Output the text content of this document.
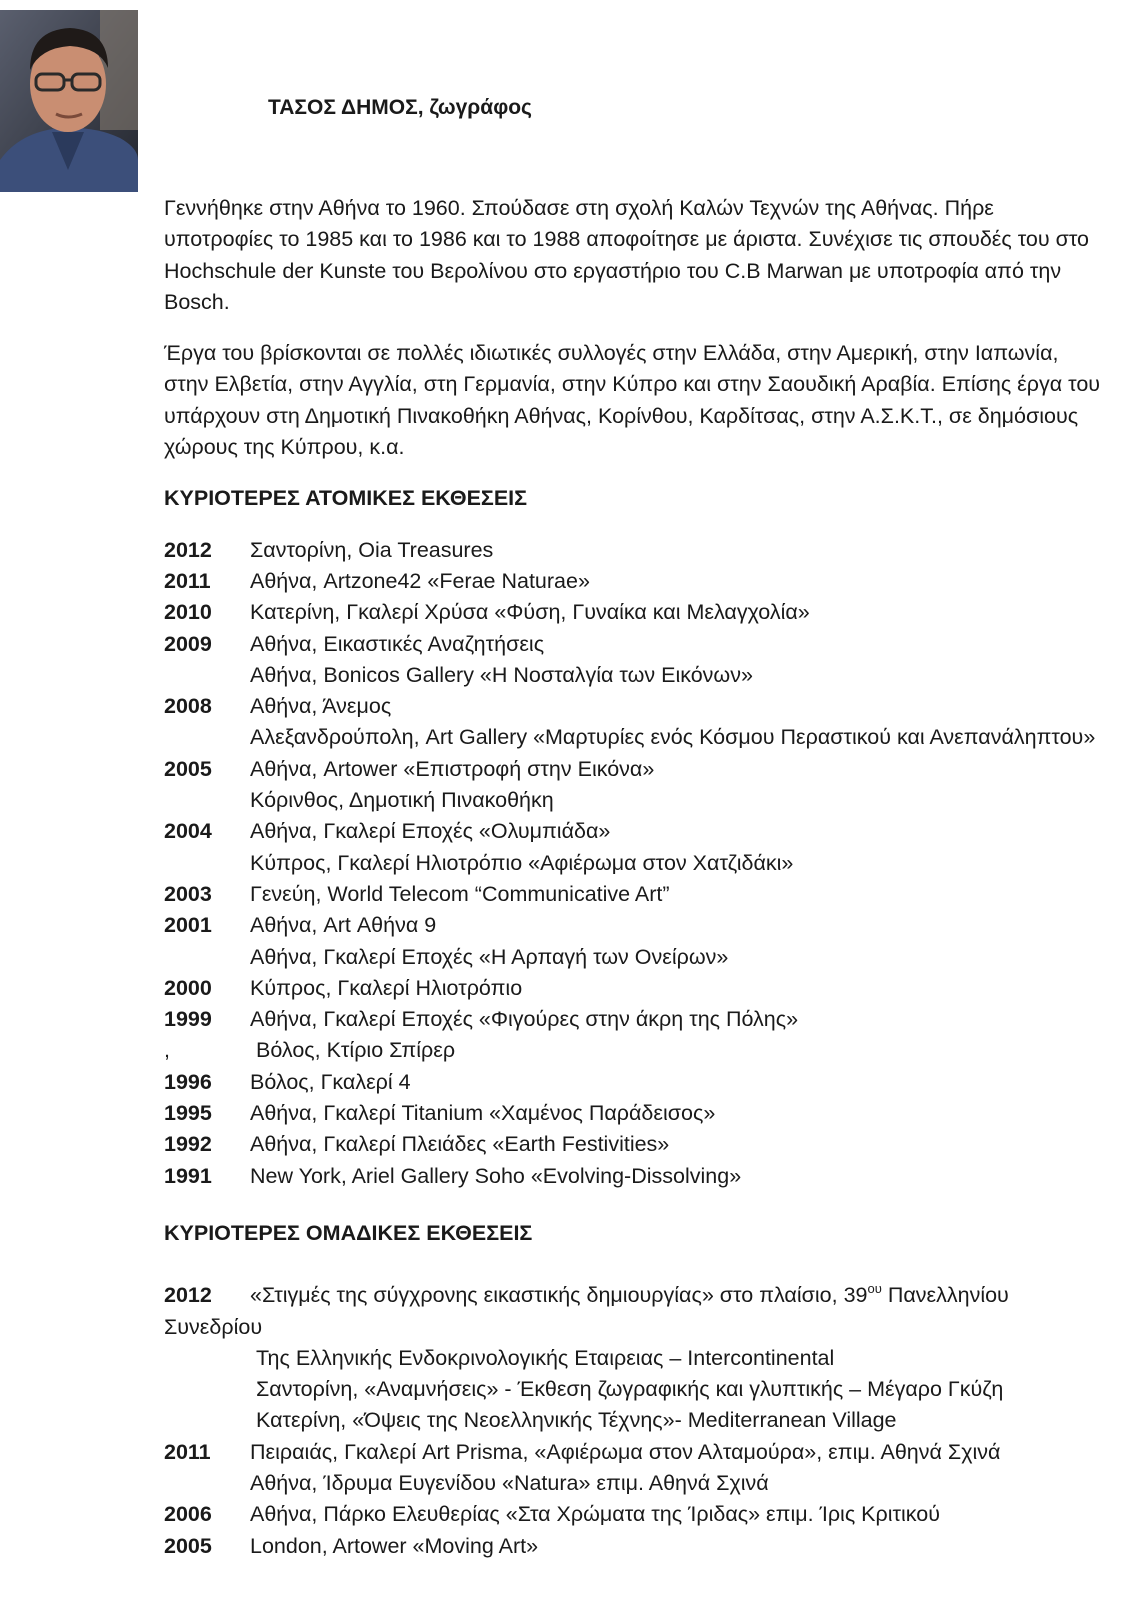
ΤΑΣΟΣ ΔΗΜΟΣ, ζωγράφος

Γεννήθηκε στην Αθήνα το 1960. Σπούδασε στη σχολή Καλών Τεχνών της Αθήνας. Πήρε υποτροφίες το 1985 και το 1986 και το 1988 αποφοίτησε με άριστα. Συνέχισε τις σπουδές του στο Hochschule der Kunste του Βερολίνου στο εργαστήριο του C.B Marwan με υποτροφία από την Bosch.

Έργα του βρίσκονται σε πολλές ιδιωτικές συλλογές στην Ελλάδα, στην Αμερική, στην Ιαπωνία, στην Ελβετία, στην Αγγλία, στη Γερμανία, στην Κύπρο και στην Σαουδική Αραβία. Επίσης έργα του υπάρχουν στη Δημοτική Πινακοθήκη Αθήνας, Κορίνθου, Καρδίτσας, στην Α.Σ.Κ.Τ., σε δημόσιους χώρους της Κύπρου, κ.α.

ΚΥΡΙΟΤΕΡΕΣ ΑΤΟΜΙΚΕΣ ΕΚΘΕΣΕΙΣ
2012	Σαντορίνη, Oia Treasures
2011	Αθήνα, Artzone42 «Ferae Naturae»
2010	Κατερίνη, Γκαλερί Χρύσα «Φύση, Γυναίκα και Μελαγχολία»
2009	Αθήνα, Εικαστικές Αναζητήσεις
Αθήνα, Bonicos Gallery «Η Νοσταλγία των Εικόνων»
2008	Αθήνα, Άνεμος
Αλεξανδρούπολη, Art Gallery «Μαρτυρίες ενός Κόσμου Περαστικού και Ανεπανάληπτου»
2005	Αθήνα, Artower «Επιστροφή στην Εικόνα»
Κόρινθος, Δημοτική Πινακοθήκη
2004	Αθήνα, Γκαλερί Εποχές «Ολυμπιάδα»
Κύπρος, Γκαλερί Ηλιοτρόπιο «Αφιέρωμα στον Χατζιδάκι»
2003	Γενεύη, World Telecom “Communicative Art”
2001	Αθήνα, Art Αθήνα 9
Αθήνα, Γκαλερί Εποχές «Η Αρπαγή των Ονείρων»
2000	Κύπρος, Γκαλερί Ηλιοτρόπιο
1999	Αθήνα, Γκαλερί Εποχές «Φιγούρες στην άκρη της Πόλης»
,	Βόλος, Κτίριο Σπίρερ
1996	Βόλος, Γκαλερί 4
1995	Αθήνα, Γκαλερί Titanium «Χαμένος Παράδεισος»
1992	Αθήνα, Γκαλερί Πλειάδες «Earth Festivities»
1991	New York, Ariel Gallery Soho «Evolving-Dissolving»
ΚΥΡΙΟΤΕΡΕΣ ΟΜΑΔΙΚΕΣ ΕΚΘΕΣΕΙΣ
2012	«Στιγμές της σύγχρονης εικαστικής δημιουργίας» στο πλαίσιο, $39^{o\upsilon}$ Πανελληνίου Συνεδρίου
Της Ελληνικής Ενδοκρινολογικής Εταιρειας – Intercontinental
Σαντορίνη, «Αναμνήσεις» - Έκθεση ζωγραφικής και γλυπτικής – Μέγαρο Γκύζη
Κατερίνη, «Όψεις της Νεοελληνικής Τέχνης»- Mediterranean Village
2011	Πειραιάς, Γκαλερί Art Prisma, «Αφιέρωμα στον Αλταμούρα», επιμ. Αθηνά Σχινά
Αθήνα, Ίδρυμα Ευγενίδου «Natura» επιμ. Αθηνά Σχινά
2006	Αθήνα, Πάρκο Ελευθερίας «Στα Χρώματα της Ίριδας» επιμ. Ίρις Κριτικού
2005	London, Artower «Moving Art»
